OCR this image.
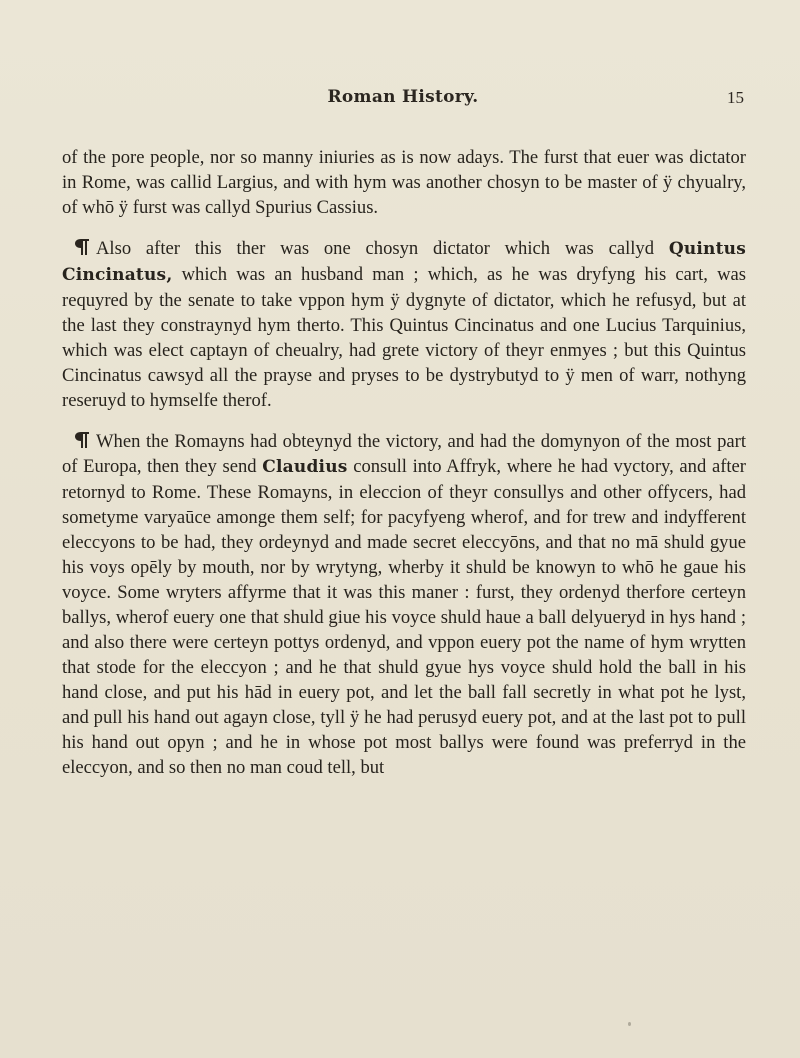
Roman History.	15

of the pore people, nor so manny iniuries as is now adays. The furst that euer was dictator in Rome, was callid Largius, and with hym was another chosyn to be master of ÿ chyualry, of whō ÿ furst was callyd Spurius Cassius.

Also after this ther was one chosyn dictator which was callyd Quintus Cincinatus, which was an husband man ; which, as he was dryfyng his cart, was requyred by the senate to take vppon hym ÿ dygnyte of dictator, which he refusyd, but at the last they constraynyd hym therto. This Quintus Cincinatus and one Lucius Tarquinius, which was elect captayn of cheualry, had grete victory of theyr enmyes ; but this Quintus Cincinatus cawsyd all the prayse and pryses to be dystrybutyd to ÿ men of warr, nothyng reseruyd to hymselfe therof.

When the Romayns had obteynyd the victory, and had the domynyon of the most part of Europa, then they send Claudius consull into Affryk, where he had vyctory, and after retornyd to Rome. These Romayns, in eleccion of theyr consullys and other offycers, had sometyme varyaūce amonge them self; for pacyfyeng wherof, and for trew and indyfferent eleccyons to be had, they ordeynyd and made secret eleccyōns, and that no mā shuld gyue his voys opēly by mouth, nor by wrytyng, wherby it shuld be knowyn to whō he gaue his voyce. Some wryters affyrme that it was this maner : furst, they ordenyd therfore certeyn ballys, wherof euery one that shuld giue his voyce shuld haue a ball delyueryd in hys hand ; and also there were certeyn pottys ordenyd, and vppon euery pot the name of hym wrytten that stode for the eleccyon ; and he that shuld gyue hys voyce shuld hold the ball in his hand close, and put his hād in euery pot, and let the ball fall secretly in what pot he lyst, and pull his hand out agayn close, tyll ÿ he had perusyd euery pot, and at the last pot to pull his hand out opyn ; and he in whose pot most ballys were found was preferryd in the eleccyon, and so then no man coud tell, but
